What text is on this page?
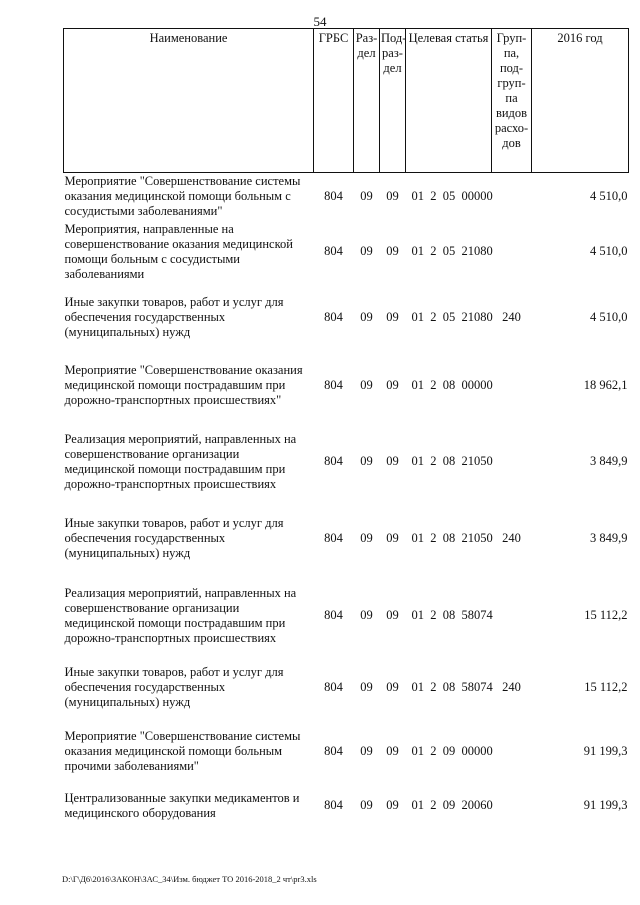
54
Наименование	ГРБС	Раз-дел	Под-раз-дел	Целевая статья	Груп-па, под-груп-па видов расхо-дов	2016 год
Мероприятие "Совершенствование системы оказания медицинской помощи больным с сосудистыми заболеваниями"	804	09	09	01  2  05  00000		4 510,0
Мероприятия, направленные на совершенствование оказания медицинской помощи больным с сосудистыми заболеваниями	804	09	09	01  2  05  21080		4 510,0
Иные закупки товаров, работ и услуг для обеспечения государственных (муниципальных) нужд	804	09	09	01  2  05  21080	240	4 510,0
Мероприятие "Совершенствование оказания медицинской помощи пострадавшим при дорожно-транспортных происшествиях"	804	09	09	01  2  08  00000		18 962,1
Реализация мероприятий, направленных на совершенствование организации медицинской помощи пострадавшим при дорожно-транспортных происшествиях	804	09	09	01  2  08  21050		3 849,9
Иные закупки товаров, работ и услуг для обеспечения государственных (муниципальных) нужд	804	09	09	01  2  08  21050	240	3 849,9
Реализация мероприятий, направленных на совершенствование организации медицинской помощи пострадавшим при дорожно-транспортных происшествиях	804	09	09	01  2  08  58074		15 112,2
Иные закупки товаров, работ и услуг для обеспечения государственных (муниципальных) нужд	804	09	09	01  2  08  58074	240	15 112,2
Мероприятие "Совершенствование системы оказания медицинской помощи больным прочими заболеваниями"	804	09	09	01  2  09  00000		91 199,3
Централизованные закупки медикаментов и медицинского оборудования	804	09	09	01  2  09  20060		91 199,3
D:\Г\Д6\2016\ЗАКОН\ЗАС_34\Изм. бюджет ТО 2016-2018_2 чт\pr3.xls
